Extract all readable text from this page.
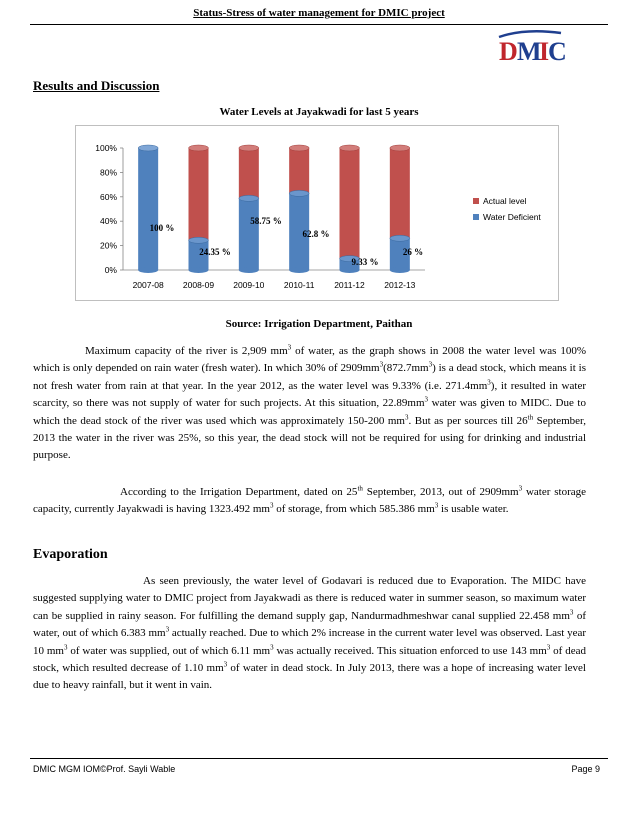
Status-Stress of water management for DMIC project
D M
I
C
Results and Discussion
Water Levels at Jayakwadi for last 5 years
0%
20%
40%
60%
80%
100%
2007-08 2008-09 2009-10 2010-11 2011-12 2012-13
100 %
24.35 %
58.75 %
62.8 %
9.33 %
26 %
Actual level
Water Deficient
Source: Irrigation Department, Paithan

Maximum capacity of the river is 2,909 $mm^3$ of water, as the graph shows in 2008 the water level was 100% which is only depended on rain water (fresh water). In which 30% of $2909mm^3(872.7mm^3)$ is a dead stock, which means it is not fresh water from rain at that year. In the year 2012, as the water level was 9.33% (i.e. $271.4mm^3$), it resulted in water scarcity, so there was not supply of water for such projects. At this situation, $22.89mm^3$ water was given to MIDC. Due to which the dead stock of the river was used which was approximately 150-200 $mm^3$. But as per sources till 26th September, 2013 the water in the river was 25%, so this year, the dead stock will not be required for using for drinking and industrial purpose.

According to the Irrigation Department, dated on 25th September, 2013, out of $2909mm^3$ water storage capacity, currently Jayakwadi is having 1323.492 $mm^3$ of storage, from which 585.386 $mm^3$ is usable water.

Evaporation

As seen previously, the water level of Godavari is reduced due to Evaporation. The MIDC have suggested supplying water to DMIC project from Jayakwadi as there is reduced water in summer season, so maximum water can be supplied in rainy season. For fulfilling the demand supply gap, Nandurmadhmeshwar canal supplied 22.458 $mm^3$ of water, out of which 6.383 $mm^3$ actually reached. Due to which 2% increase in the current water level was observed. Last year 10 $mm^3$ of water was supplied, out of which 6.11 $mm^3$ was actually received. This situation enforced to use 143 $mm^3$ of dead stock, which resulted decrease of 1.10 $mm^3$ of water in dead stock. In July 2013, there was a hope of increasing water level due to heavy rainfall, but it went in vain.

DMIC MGM IOM©Prof. Sayli Wable	Page 9
